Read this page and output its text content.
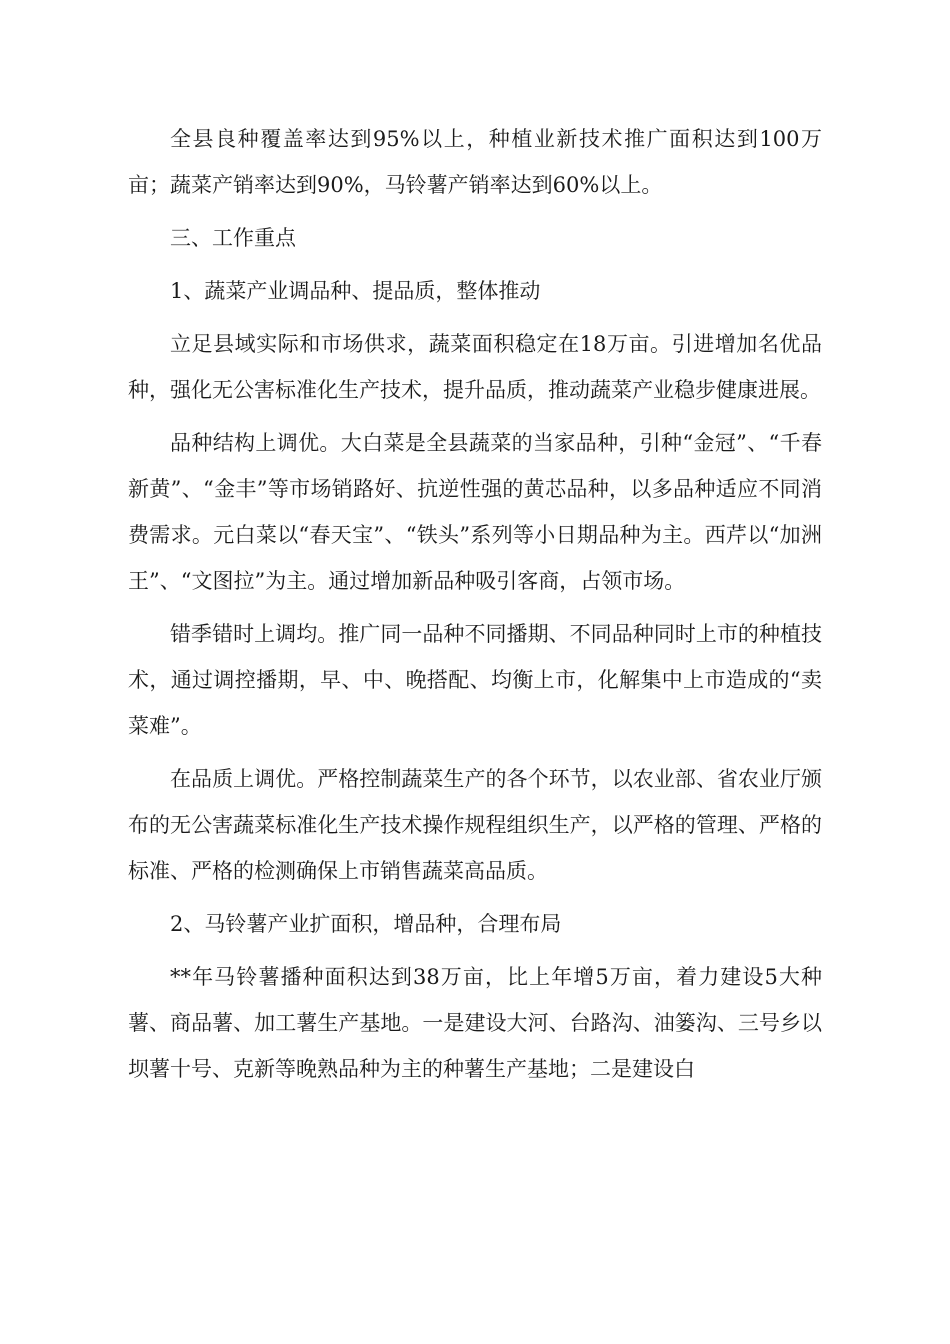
全县良种覆盖率达到95%以上，种植业新技术推广面积达到100万亩；蔬菜产销率达到90%，马铃薯产销率达到60%以上。

三、工作重点

1、蔬菜产业调品种、提品质，整体推动

立足县域实际和市场供求，蔬菜面积稳定在18万亩。引进增加名优品种，强化无公害标准化生产技术，提升品质，推动蔬菜产业稳步健康进展。

品种结构上调优。大白菜是全县蔬菜的当家品种，引种“金冠”、“千春新黄”、“金丰”等市场销路好、抗逆性强的黄芯品种，以多品种适应不同消费需求。元白菜以“春天宝”、“铁头”系列等小日期品种为主。西芹以“加洲王”、“文图拉”为主。通过增加新品种吸引客商，占领市场。

错季错时上调均。推广同一品种不同播期、不同品种同时上市的种植技术，通过调控播期，早、中、晚搭配、均衡上市，化解集中上市造成的“卖菜难”。

在品质上调优。严格控制蔬菜生产的各个环节，以农业部、省农业厅颁布的无公害蔬菜标准化生产技术操作规程组织生产，以严格的管理、严格的标准、严格的检测确保上市销售蔬菜高品质。

2、马铃薯产业扩面积，增品种，合理布局

**年马铃薯播种面积达到38万亩，比上年增5万亩，着力建设5大种薯、商品薯、加工薯生产基地。一是建设大河、台路沟、油篓沟、三号乡以坝薯十号、克新等晚熟品种为主的种薯生产基地；二是建设白
